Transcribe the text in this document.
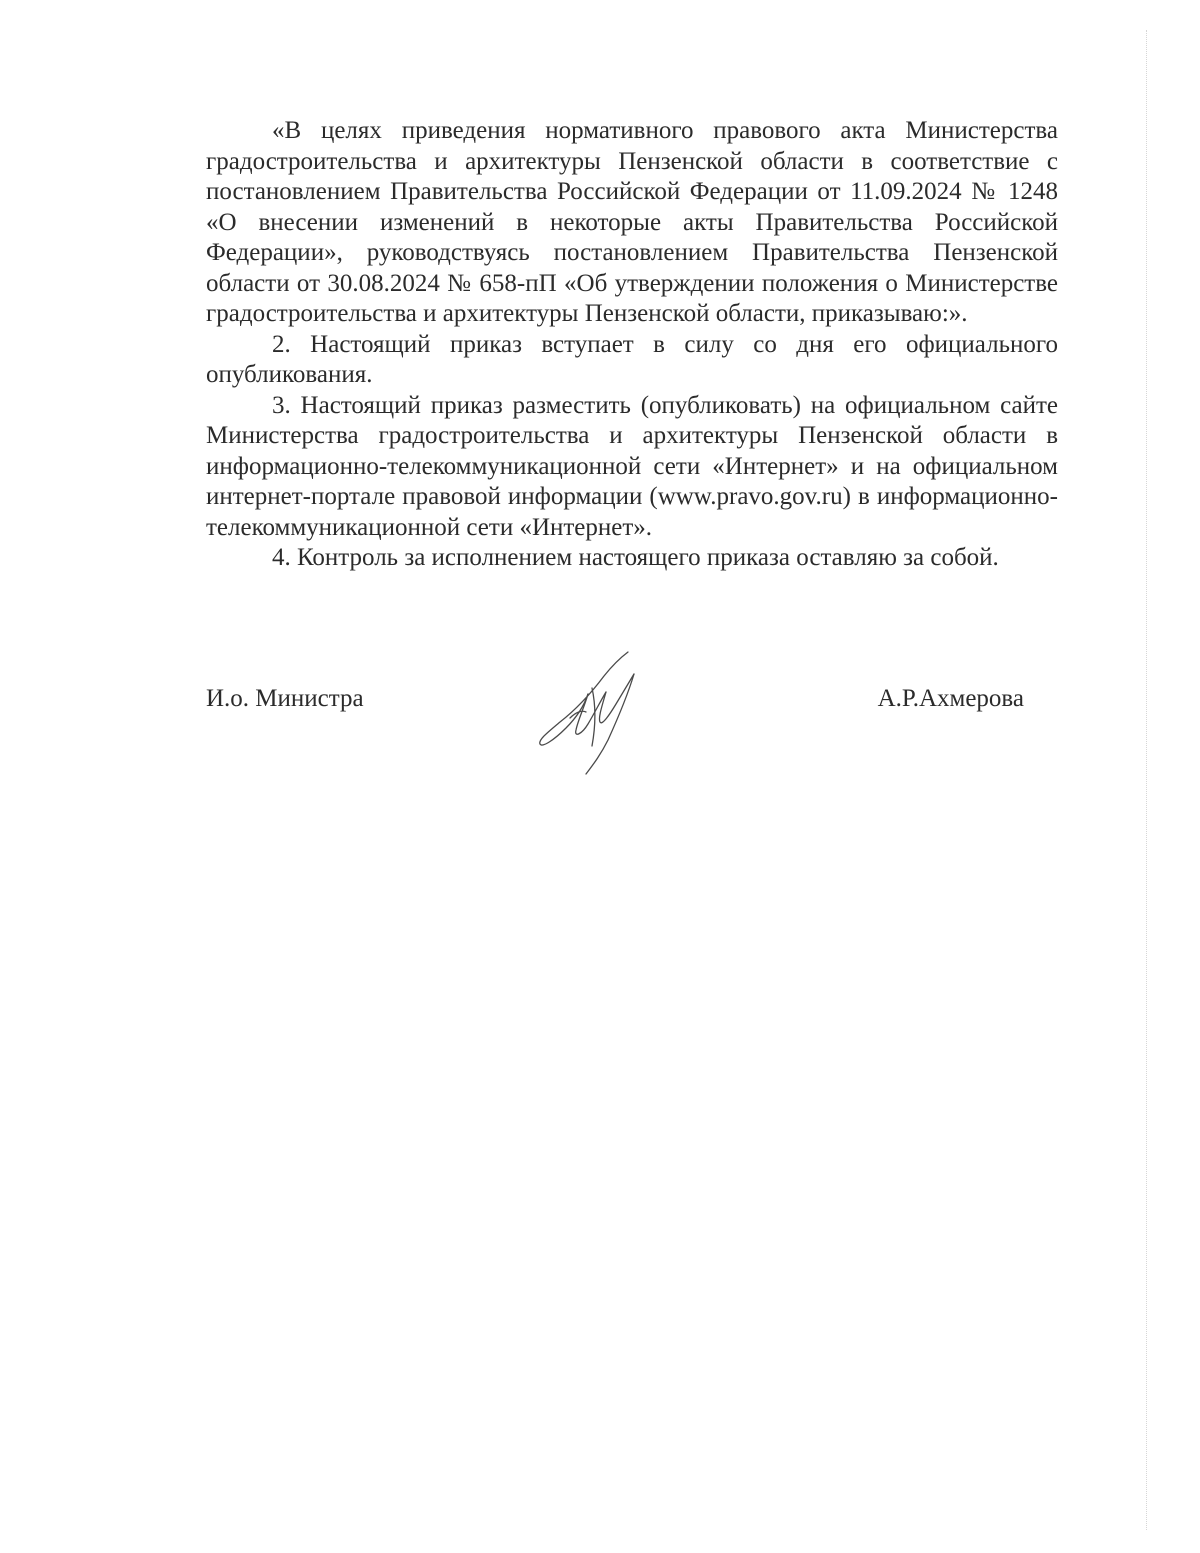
«В целях приведения нормативного правового акта Министерства градостроительства и архитектуры Пензенской области в соответствие с постановлением Правительства Российской Федерации от 11.09.2024 № 1248 «О внесении изменений в некоторые акты Правительства Российской Федерации», руководствуясь постановлением Правительства Пензенской области от 30.08.2024 № 658-пП «Об утверждении положения о Министерстве градостроительства и архитектуры Пензенской области, приказываю:».

2. Настоящий приказ вступает в силу со дня его официального опубликования.

3. Настоящий приказ разместить (опубликовать) на официальном сайте Министерства градостроительства и архитектуры Пензенской области в информационно-телекоммуникационной сети «Интернет» и на официальном интернет-портале правовой информации (www.pravo.gov.ru) в информационно-телекоммуникационной сети «Интернет».

4. Контроль за исполнением настоящего приказа оставляю за собой.

И.о. Министра	А.Р.Ахмерова
